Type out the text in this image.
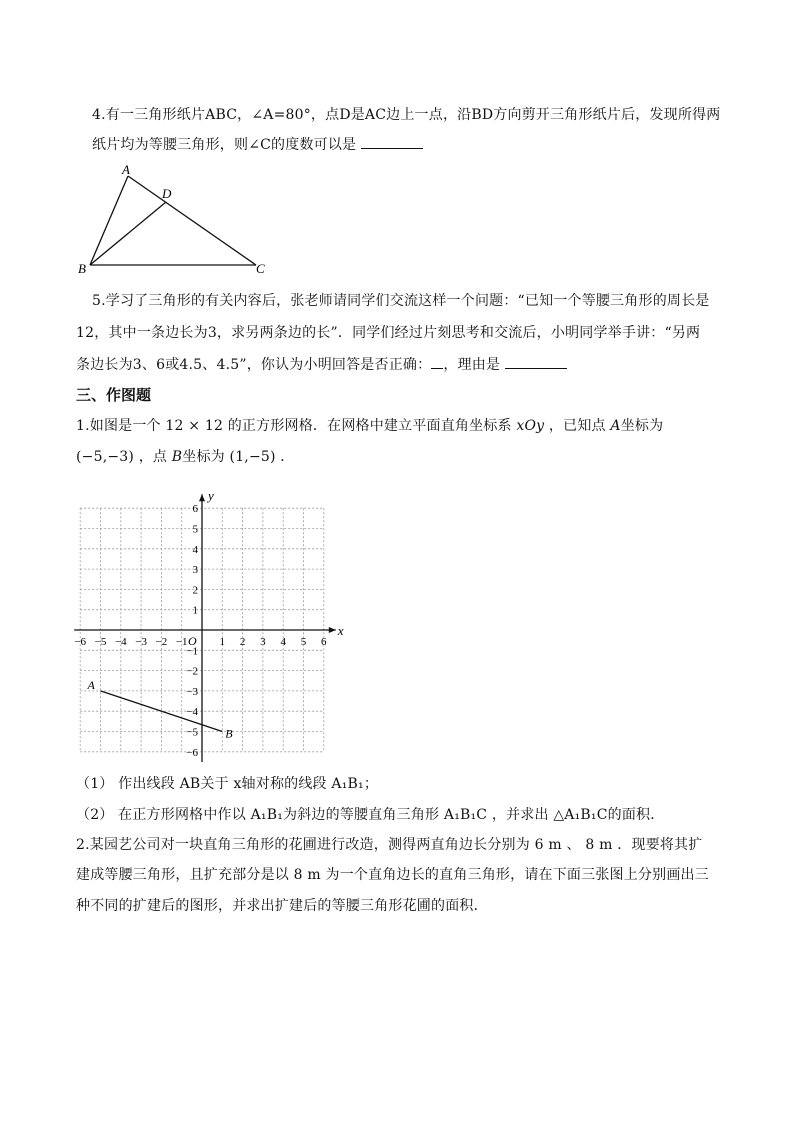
4.有一三角形纸片ABC，∠A=80°，点D是AC边上一点，沿BD方向剪开三角形纸片后，发现所得两
纸片均为等腰三角形，则∠C的度数可以是
A
D
B	C
5.学习了三角形的有关内容后，张老师请同学们交流这样一个问题：“已知一个等腰三角形的周长是
12，其中一条边长为3，求另两条边的长”．同学们经过片刻思考和交流后，小明同学举手讲：“另两
条边长为3、6或4.5、4.5”，你认为小明回答是否正确： ，理由是
三、作图题
1.如图是一个 12 × 12 的正方形网格．在网格中建立平面直角坐标系 xOy ，已知点 A坐标为
(−5,−3) ，点 B坐标为 (1,−5) ．
x
y
O
−6 −5 −4 −3 −2 −1	1 2 3 4 5 6
6
5
4
3
2
1
−1
−2
−3
−4
−5
−6
A
B
（1） 作出线段 AB关于 x轴对称的线段 A₁B₁；
（2） 在正方形网格中作以 A₁B₁为斜边的等腰直角三角形 A₁B₁C ，并求出 △A₁B₁C的面积．
2.某园艺公司对一块直角三角形的花圃进行改造，测得两直角边长分别为 6 m 、 8 m ．现要将其扩
建成等腰三角形，且扩充部分是以 8 m 为一个直角边长的直角三角形，请在下面三张图上分别画出三
种不同的扩建后的图形，并求出扩建后的等腰三角形花圃的面积．
